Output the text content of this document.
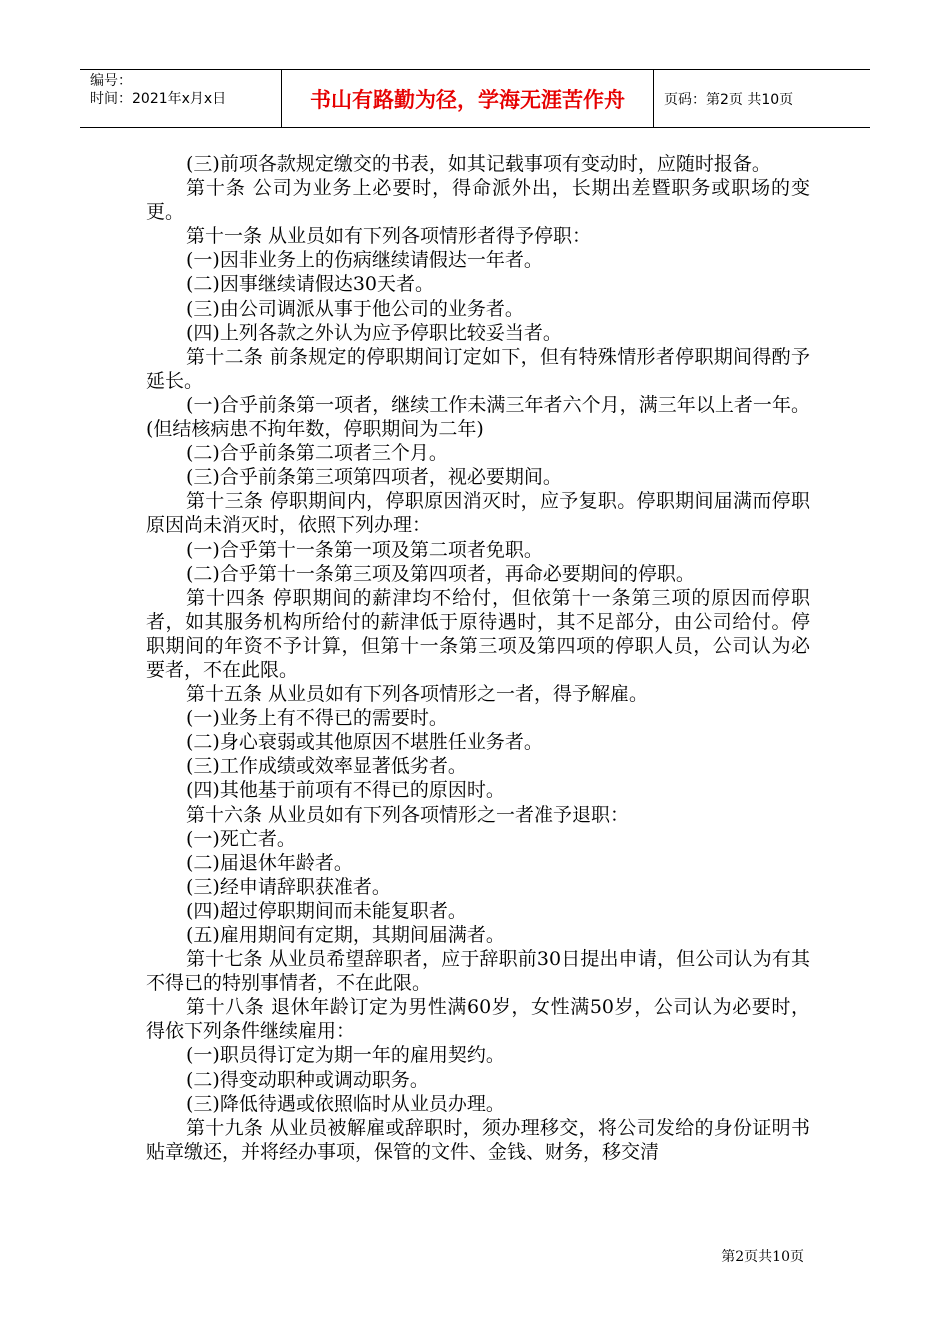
编号：
时间：2021年x月x日	书山有路勤为径，学海无涯苦作舟	页码：第2页 共10页

(三)前项各款规定缴交的书表，如其记载事项有变动时，应随时报备。

第十条 公司为业务上必要时，得命派外出，长期出差暨职务或职场的变更。

第十一条 从业员如有下列各项情形者得予停职：

(一)因非业务上的伤病继续请假达一年者。

(二)因事继续请假达30天者。

(三)由公司调派从事于他公司的业务者。

(四)上列各款之外认为应予停职比较妥当者。

第十二条 前条规定的停职期间订定如下，但有特殊情形者停职期间得酌予延长。

(一)合乎前条第一项者，继续工作未满三年者六个月，满三年以上者一年。(但结核病患不拘年数，停职期间为二年)

(二)合乎前条第二项者三个月。

(三)合乎前条第三项第四项者，视必要期间。

第十三条 停职期间内，停职原因消灭时，应予复职。停职期间届满而停职原因尚未消灭时，依照下列办理：

(一)合乎第十一条第一项及第二项者免职。

(二)合乎第十一条第三项及第四项者，再命必要期间的停职。

第十四条 停职期间的薪津均不给付，但依第十一条第三项的原因而停职者，如其服务机构所给付的薪津低于原待遇时，其不足部分，由公司给付。停职期间的年资不予计算，但第十一条第三项及第四项的停职人员，公司认为必要者，不在此限。

第十五条 从业员如有下列各项情形之一者，得予解雇。

(一)业务上有不得已的需要时。

(二)身心衰弱或其他原因不堪胜任业务者。

(三)工作成绩或效率显著低劣者。

(四)其他基于前项有不得已的原因时。

第十六条 从业员如有下列各项情形之一者准予退职：

(一)死亡者。

(二)届退休年龄者。

(三)经申请辞职获准者。

(四)超过停职期间而未能复职者。

(五)雇用期间有定期，其期间届满者。

第十七条 从业员希望辞职者，应于辞职前30日提出申请，但公司认为有其不得已的特别事情者，不在此限。

第十八条 退休年龄订定为男性满60岁，女性满50岁，公司认为必要时，得依下列条件继续雇用：

(一)职员得订定为期一年的雇用契约。

(二)得变动职种或调动职务。

(三)降低待遇或依照临时从业员办理。

第十九条 从业员被解雇或辞职时，须办理移交，将公司发给的身份证明书贴章缴还，并将经办事项，保管的文件、金钱、财务，移交清

第2页共10页
